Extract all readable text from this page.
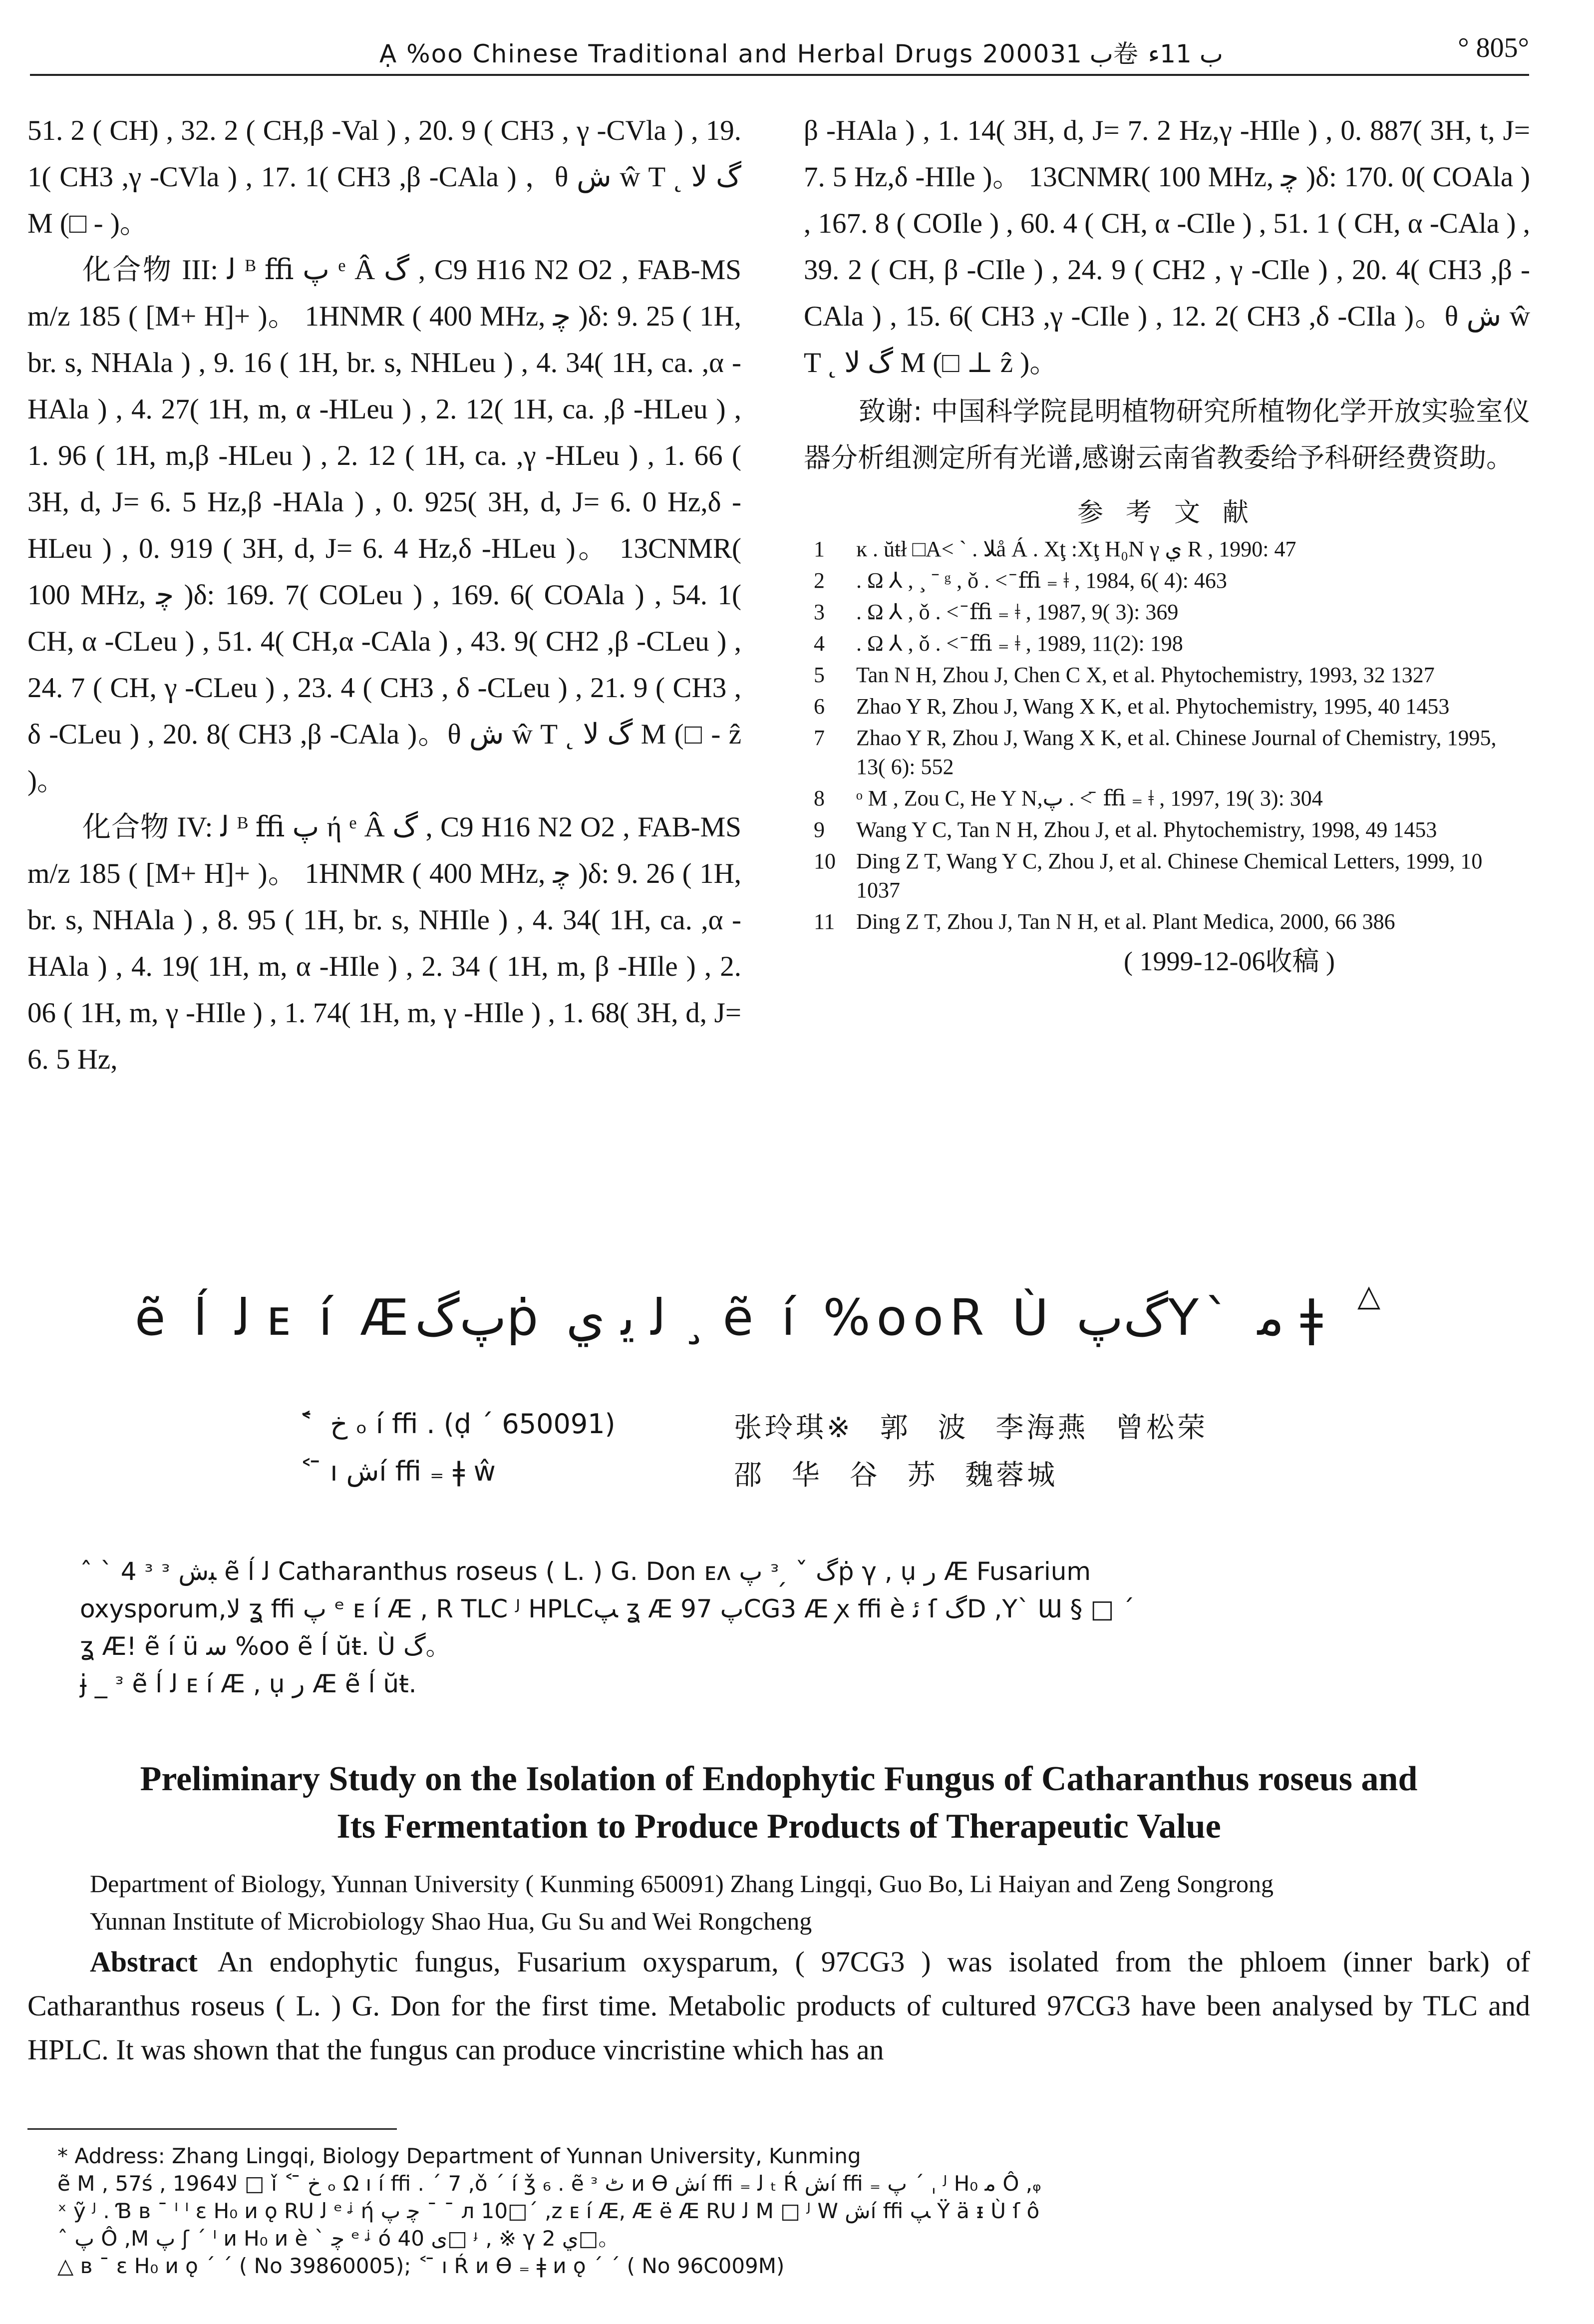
Ạ %oo Chinese Traditional and Herbal Drugs 2000ب 31卷 ب 11ء	° 805°

51. 2 ( CH) , 32. 2 ( CH,β -Val ) , 20. 9 ( CH3 , γ -CVla ) , 19. 1( CH3 ,γ -CVla ) , 17. 1( CH3 ,β -CAla ) ，θ ش ŵ T ˛ گ لا M (□ - )。

化合物 III: ﻟ ᴮ ﬃ ﭖ ᵉ Â گ , C9 H16 N2 O2 , FAB-MS m/z 185 ( [M+ H]+ )。 1HNMR ( 400 MHz, ﭼ )δ: 9. 25 ( 1H, br. s, NHAla ) , 9. 16 ( 1H, br. s, NHLeu ) , 4. 34( 1H, ca. ,α -HAla ) , 4. 27( 1H, m, α -HLeu ) , 2. 12( 1H, ca. ,β -HLeu ) , 1. 96 ( 1H, m,β -HLeu ) , 2. 12 ( 1H, ca. ,γ -HLeu ) , 1. 66 ( 3H, d, J= 6. 5 Hz,β -HAla ) , 0. 925( 3H, d, J= 6. 0 Hz,δ -HLeu ) , 0. 919 ( 3H, d, J= 6. 4 Hz,δ -HLeu )。 13CNMR( 100 MHz, ﭼ )δ: 169. 7( COLeu ) , 169. 6( COAla ) , 54. 1( CH, α -CLeu ) , 51. 4( CH,α -CAla ) , 43. 9( CH2 ,β -CLeu ) , 24. 7 ( CH, γ -CLeu ) , 23. 4 ( CH3 , δ -CLeu ) , 21. 9 ( CH3 , δ -CLeu ) , 20. 8( CH3 ,β -CAla )。θ ش ŵ T ˛ گ لا M (□ - ẑ )。

化合物 IV: ﻟ ᴮ ﬃ ﭖ ή ᵉ Â گ , C9 H16 N2 O2 , FAB-MS m/z 185 ( [M+ H]+ )。 1HNMR ( 400 MHz, ﭼ )δ: 9. 26 ( 1H, br. s, NHAla ) , 8. 95 ( 1H, br. s, NHIle ) , 4. 34( 1H, ca. ,α -HAla ) , 4. 19( 1H, m, α -HIle ) , 2. 34 ( 1H, m, β -HIle ) , 2. 06 ( 1H, m, γ -HIle ) , 1. 74( 1H, m, γ -HIle ) , 1. 68( 3H, d, J= 6. 5 Hz,

β -HAla ) , 1. 14( 3H, d, J= 7. 2 Hz,γ -HIle ) , 0. 887( 3H, t, J= 7. 5 Hz,δ -HIle )。 13CNMR( 100 MHz, ﭼ )δ: 170. 0( COAla ) , 167. 8 ( COIle ) , 60. 4 ( CH, α -CIle ) , 51. 1 ( CH, α -CAla ) , 39. 2 ( CH, β -CIle ) , 24. 9 ( CH2 , γ -CIle ) , 20. 4( CH3 ,β -CAla ) , 15. 6( CH3 ,γ -CIle ) , 12. 2( CH3 ,δ -CIla )。θ ش ŵ T ˛ گ لا M (□ ⊥ ẑ )。

致谢: 中国科学院昆明植物研究所植物化学开放实验室仪器分析组测定所有光谱,感谢云南省教委给予科研经费资助。

参 考 文 献
1	ĸ . ŭŧł □A˂ ˋ . ﻼå Á . Xţ :Xţ H₀N γ ي R , 1990: 47
2	. Ω ⅄ , ¸ ˉ ᵍ , ǒ . ˂ ̄ ﬃ ₌ ǂ , 1984, 6( 4): 463
3	. Ω ⅄ , ǒ . ˂ ̄ ﬃ ₌ ǂ , 1987, 9( 3): 369
4	. Ω ⅄ , ǒ . ˂ ̄ ﬃ ₌ ǂ , 1989, 11(2): 198
5	Tan N H, Zhou J, Chen C X, et al. Phytochemistry, 1993, 32 1327
6	Zhao Y R, Zhou J, Wang X K, et al. Phytochemistry, 1995, 40 1453
7	Zhao Y R, Zhou J, Wang X K, et al. Chinese Journal of Chemistry, 1995, 13( 6): 552
8	ᵒ M , Zou C, He Y N,ﭖ . ˂ ̄ ﬃ ₌ ǂ , 1997, 19( 3): 304
9	Wang Y C, Tan N H, Zhou J, et al. Phytochemistry, 1998, 49 1453
10 Ding Z T, Wang Y C, Zhou J, et al. Chinese Chemical Letters, 1999, 10 1037
11 Ding Z T, Zhou J, Tan N H, et al. Plant Medica, 2000, 66 386
( 1999-12-06收稿 )
ẽ ĺ ﻟ ᴇ í Æﭖگṗ ﻟ ﯾ ي ¸ ẽ í %ooR Ù گﭖY` ﻣ ǂ △
˂ ̄ خ ₒ í ﬃ . (ḍ ˊ 650091)	张玲琪※ 郭 波 李海燕 曾松荣
˂ ̄ ı ﺵí ﬃ ₌ ǂ ŵ	邵 华 谷 苏 魏蓉城

ˆ ˋ 4 ᶟ ᵌ ﺒﺵ ẽ ĺ ﻟ Catharanthus roseus ( L. ) G. Don ᴇᴧ ﭖ ᵌ ̗ ˇ گṗ γ , ụ ﺭ Æ Fusarium

oxysporum,ﻻ ʓ ﬃ ﭖ ᵉ ᴇ í Æ , R TLC ᴶ HPLCﭗ ʓ Æ ﭖ 97CG3 Æ ꭗ ﬃ è ﺋ ſ گD ,Y` Ɯ § □ ˊ

ʓ Æ! ẽ í ü ﺳ %oo ẽ ĺ ŭŧ. Ù گ。

ɉ _ ᵌ ẽ ĺ ﻟ ᴇ í Æ , ụ ﺭ Æ ẽ ĺ ŭŧ.

Preliminary Study on the Isolation of Endophytic Fungus of Catharanthus roseus and
Its Fermentation to Produce Products of Therapeutic Value

Department of Biology, Yunnan University ( Kunming 650091) Zhang Lingqi, Guo Bo, Li Haiyan and Zeng Songrong

Yunnan Institute of Microbiology Shao Hua, Gu Su and Wei Rongcheng

Abstract An endophytic fungus, Fusarium oxysparum, ( 97CG3 ) was isolated from the phloem (inner bark) of Catharanthus roseus ( L. ) G. Don for the first time. Metabolic products of cultured 97CG3 have been analysed by TLC and HPLC. It was shown that the fungus can produce vincristine which has an

* Address: Zhang Lingqi, Biology Department of Yunnan University, Kunming

ẽ M , 57ś , 1964ﻻ □ ǐ ˂ ̄ خ ₒ Ω ı í ﬃ . ˊ 7 ,ǒ ˊ í ǯ ₆ . ẽ ᵌ ٹ ᴎ Ѳ ﺵí ﬃ ₌ ﻟ ₜ Ŕ ﺵí ﬃ ₌ ﭖ ˊ ˌ ᴶ H₀ ﻣ Ô ,ᵩ

ˣ ỹ ᴶ . Ɓ ʙ ˉ ᴵ ᴵ ε H₀ ᴎ ǫ RU ﻟ ᵉ ᶨ ή ﭼ ﭖ ˉ ˉ л 10□ˊ ,ᴢ ᴇ í Æ, Æ ë Æ RU ﻟ M □ ᴶ W ﺵí ﬃ ﭗ Ÿ ä ᵻ Ù ſ ô

ˆ ﭖ Ô ,M ﭖ ʃ ˊ ᴵ ᴎ H₀ ᴎ è ˋ ﭼ ᵉ ᶨ ó ﻯ 40□ ᶡ , ※ γ ي 2□。

△ ʙ ˉ ε H₀ ᴎ ǫ ˊ ˊ ( No 39860005); ˂ ̄ ı Ŕ ᴎ Ѳ ₌ ǂ ᴎ ǫ ˊ ˊ ( No 96C009M)
